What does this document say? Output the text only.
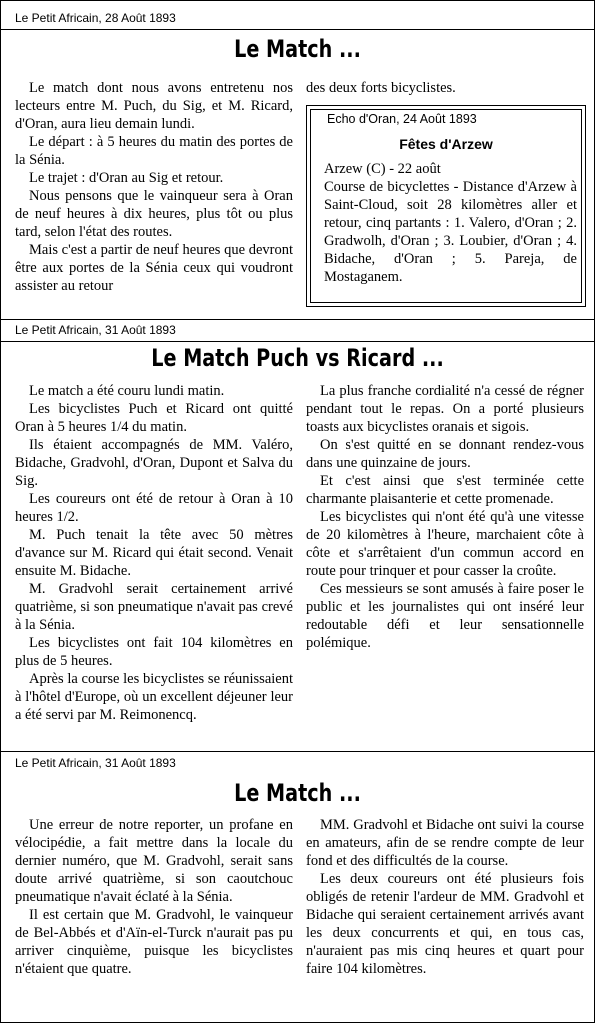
Le Petit Africain, 28 Août 1893
Le Match ...

Le match dont nous avons entretenu nos lecteurs entre M. Puch, du Sig, et M. Ricard, d'Oran, aura lieu demain lundi.

Le départ : à 5 heures du matin des portes de la Sénia.

Le trajet : d'Oran au Sig et retour.

Nous pensons que le vainqueur sera à Oran de neuf heures à dix heures, plus tôt ou plus tard, selon l'état des routes.

Mais c'est a partir de neuf heures que devront être aux portes de la Sénia ceux qui voudront assister au retour

des deux forts bicyclistes.

Echo d'Oran, 24 Août 1893
Fêtes d'Arzew

Arzew (C) - 22 août

Course de bicyclettes - Distance d'Arzew à Saint-Cloud, soit 28 kilomètres aller et retour, cinq partants : 1. Valero, d'Oran ; 2. Gradwolh, d'Oran ; 3. Loubier, d'Oran ; 4. Bidache, d'Oran ; 5. Pareja, de Mostaganem.

Le Petit Africain, 31 Août 1893
Le Match Puch vs Ricard ...

Le match a été couru lundi matin.

Les bicyclistes Puch et Ricard ont quitté Oran à 5 heures 1/4 du matin.

Ils étaient accompagnés de MM. Valéro, Bidache, Gradvohl, d'Oran, Dupont et Salva du Sig.

Les coureurs ont été de retour à Oran à 10 heures 1/2.

M. Puch tenait la tête avec 50 mètres d'avance sur M. Ricard qui était second. Venait ensuite M. Bidache.

M. Gradvohl serait certainement arrivé quatrième, si son pneumatique n'avait pas crevé à la Sénia.

Les bicyclistes ont fait 104 kilomètres en plus de 5 heures.

Après la course les bicyclistes se réunissaient à l'hôtel d'Europe, où un excellent déjeuner leur a été servi par M. Reimonencq.

La plus franche cordialité n'a cessé de régner pendant tout le repas. On a porté plusieurs toasts aux bicyclistes oranais et sigois.

On s'est quitté en se donnant rendez-vous dans une quinzaine de jours.

Et c'est ainsi que s'est terminée cette charmante plaisanterie et cette promenade.

Les bicyclistes qui n'ont été qu'à une vitesse de 20 kilomètres à l'heure, marchaient côte à côte et s'arrêtaient d'un commun accord en route pour trinquer et pour casser la croûte.

Ces messieurs se sont amusés à faire poser le public et les journalistes qui ont inséré leur redoutable défi et leur sensationnelle polémique.

Le Petit Africain, 31 Août 1893
Le Match ...

Une erreur de notre reporter, un profane en vélocipédie, a fait mettre dans la locale du dernier numéro, que M. Gradvohl, serait sans doute arrivé quatrième, si son caoutchouc pneumatique n'avait éclaté à la Sénia.

Il est certain que M. Gradvohl, le vainqueur de Bel-Abbés et d'Aïn-el-Turck n'aurait pas pu arriver cinquième, puisque les bicyclistes n'étaient que quatre.

MM. Gradvohl et Bidache ont suivi la course en amateurs, afin de se rendre compte de leur fond et des difficultés de la course.

Les deux coureurs ont été plusieurs fois obligés de retenir l'ardeur de MM. Gradvohl et Bidache qui seraient certainement arrivés avant les deux concurrents et qui, en tous cas, n'auraient pas mis cinq heures et quart pour faire 104 kilomètres.
